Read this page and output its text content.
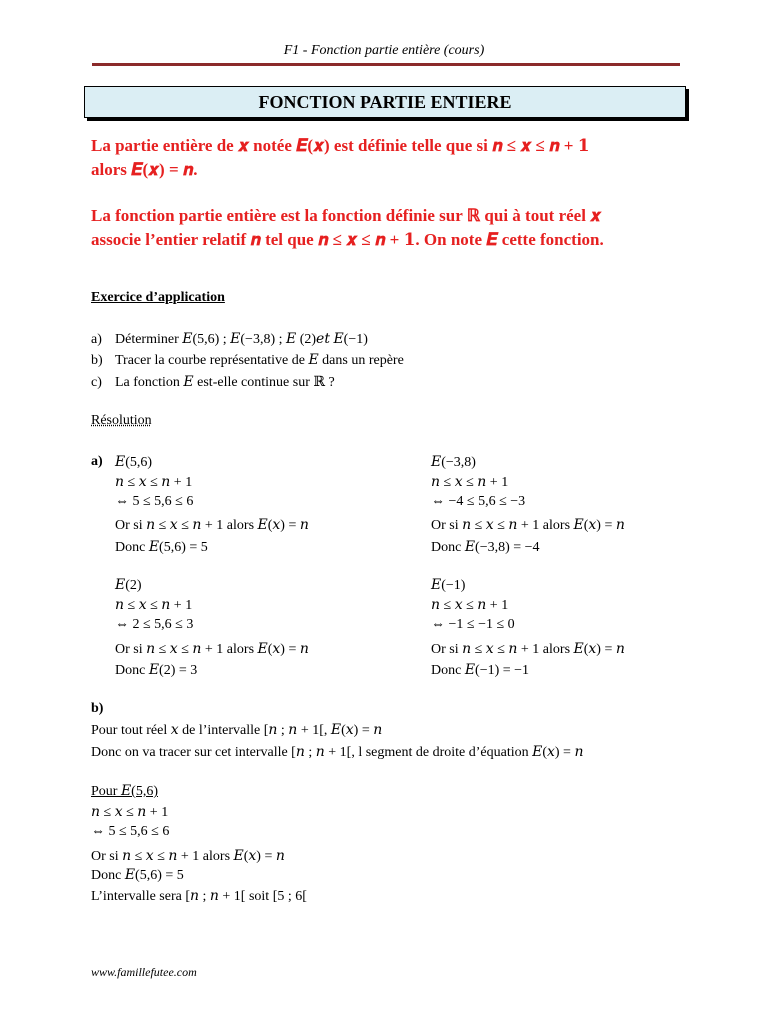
F1 - Fonction partie entière (cours)
FONCTION PARTIE ENTIERE
La partie entière de 𝒙 notée 𝑬(𝒙) est définie telle que si 𝒏 ≤ 𝒙 ≤ 𝒏 + 𝟏
alors 𝑬(𝒙) = 𝒏.
La fonction partie entière est la fonction définie sur ℝ qui à tout réel 𝒙
associe l’entier relatif 𝒏 tel que 𝒏 ≤ 𝒙 ≤ 𝒏 + 𝟏. On note 𝑬 cette fonction.
Exercice d’application
a) Déterminer 𝐸(5,6) ; 𝐸(−3,8) ; 𝐸 (2)𝑒𝑡 𝐸(−1)
b) Tracer la courbe représentative de 𝐸 dans un repère
c) La fonction 𝐸 est-elle continue sur ℝ ?
Résolution
a) 𝐸(5,6)
𝑛 ≤ 𝑥 ≤ 𝑛 + 1
⇔ 5 ≤ 5,6 ≤ 6
Or si 𝑛 ≤ 𝑥 ≤ 𝑛 + 1 alors 𝐸(𝑥) = 𝑛
Donc 𝐸(5,6) = 5
𝐸(−3,8)
𝑛 ≤ 𝑥 ≤ 𝑛 + 1
⇔ −4 ≤ 5,6 ≤ −3
Or si 𝑛 ≤ 𝑥 ≤ 𝑛 + 1 alors 𝐸(𝑥) = 𝑛
Donc 𝐸(−3,8) = −4
𝐸(2)
𝑛 ≤ 𝑥 ≤ 𝑛 + 1
⇔ 2 ≤ 5,6 ≤ 3
Or si 𝑛 ≤ 𝑥 ≤ 𝑛 + 1 alors 𝐸(𝑥) = 𝑛
Donc 𝐸(2) = 3
𝐸(−1)
𝑛 ≤ 𝑥 ≤ 𝑛 + 1
⇔ −1 ≤ −1 ≤ 0
Or si 𝑛 ≤ 𝑥 ≤ 𝑛 + 1 alors 𝐸(𝑥) = 𝑛
Donc 𝐸(−1) = −1
b)
Pour tout réel 𝑥 de l’intervalle [𝑛 ; 𝑛 + 1[, 𝐸(𝑥) = 𝑛
Donc on va tracer sur cet intervalle [𝑛 ; 𝑛 + 1[, l segment de droite d’équation 𝐸(𝑥) = 𝑛
Pour 𝐸(5,6)
𝑛 ≤ 𝑥 ≤ 𝑛 + 1
⇔ 5 ≤ 5,6 ≤ 6
Or si 𝑛 ≤ 𝑥 ≤ 𝑛 + 1 alors 𝐸(𝑥) = 𝑛
Donc 𝐸(5,6) = 5
L’intervalle sera [𝑛 ; 𝑛 + 1[ soit [5 ; 6[
www.famillefutee.com
